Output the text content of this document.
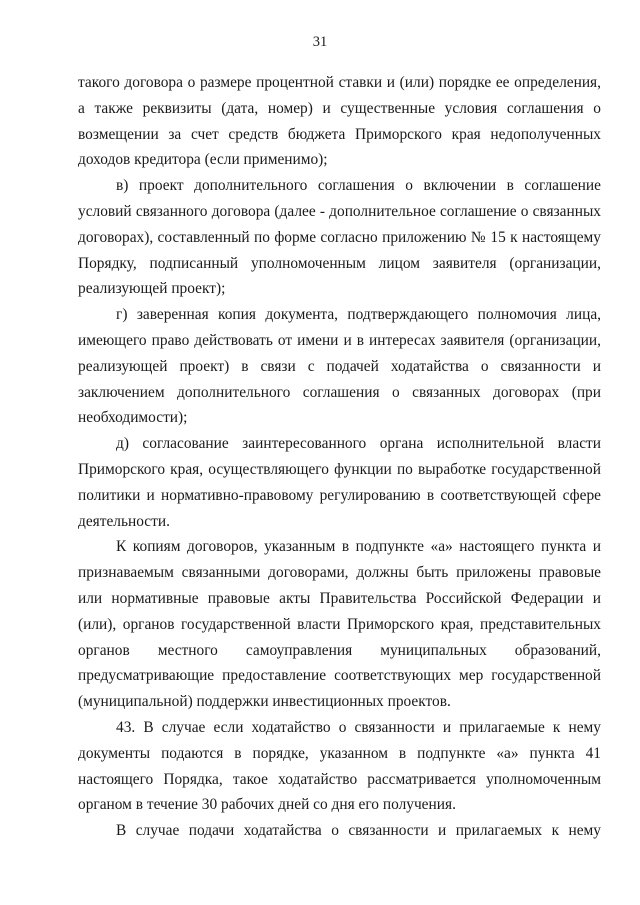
31

такого договора о размере процентной ставки и (или) порядке ее определения, а также реквизиты (дата, номер) и существенные условия соглашения о возмещении за счет средств бюджета Приморского края недополученных доходов кредитора (если применимо);

в) проект дополнительного соглашения о включении в соглашение условий связанного договора (далее - дополнительное соглашение о связанных договорах), составленный по форме согласно приложению № 15 к настоящему Порядку, подписанный уполномоченным лицом заявителя (организации, реализующей проект);

г) заверенная копия документа, подтверждающего полномочия лица, имеющего право действовать от имени и в интересах заявителя (организации, реализующей проект) в связи с подачей ходатайства о связанности и заключением дополнительного соглашения о связанных договорах (при необходимости);

д) согласование заинтересованного органа исполнительной власти Приморского края, осуществляющего функции по выработке государственной политики и нормативно-правовому регулированию в соответствующей сфере деятельности.

К копиям договоров, указанным в подпункте «а» настоящего пункта и признаваемым связанными договорами, должны быть приложены правовые или нормативные правовые акты Правительства Российской Федерации и (или), органов государственной власти Приморского края, представительных органов местного самоуправления муниципальных образований, предусматривающие предоставление соответствующих мер государственной (муниципальной) поддержки инвестиционных проектов.

43. В случае если ходатайство о связанности и прилагаемые к нему документы подаются в порядке, указанном в подпункте «а» пункта 41 настоящего Порядка, такое ходатайство рассматривается уполномоченным органом в течение 30 рабочих дней со дня его получения.

В случае подачи ходатайства о связанности и прилагаемых к нему
